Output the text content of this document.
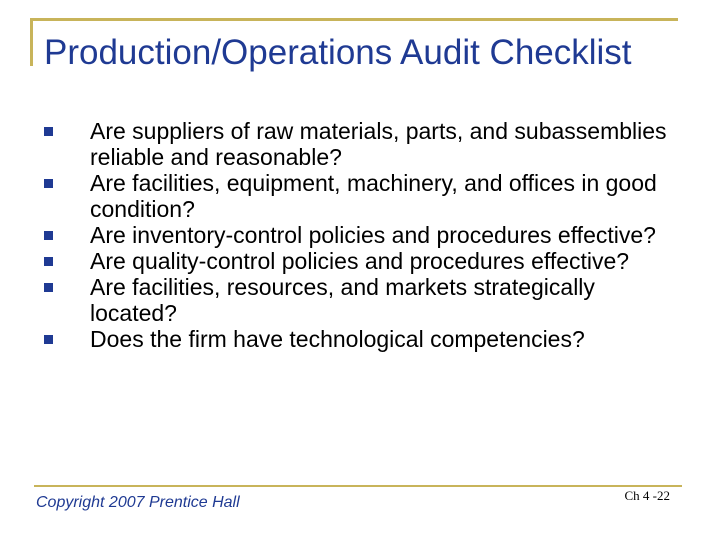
Production/Operations Audit Checklist
Are suppliers of raw materials, parts, and subassemblies reliable and reasonable?
Are facilities, equipment, machinery, and offices in good condition?
Are inventory-control policies and procedures effective?
Are quality-control policies and procedures effective?
Are facilities, resources, and markets strategically located?
Does the firm have technological competencies?
Copyright 2007 Prentice Hall	Ch 4 -22
